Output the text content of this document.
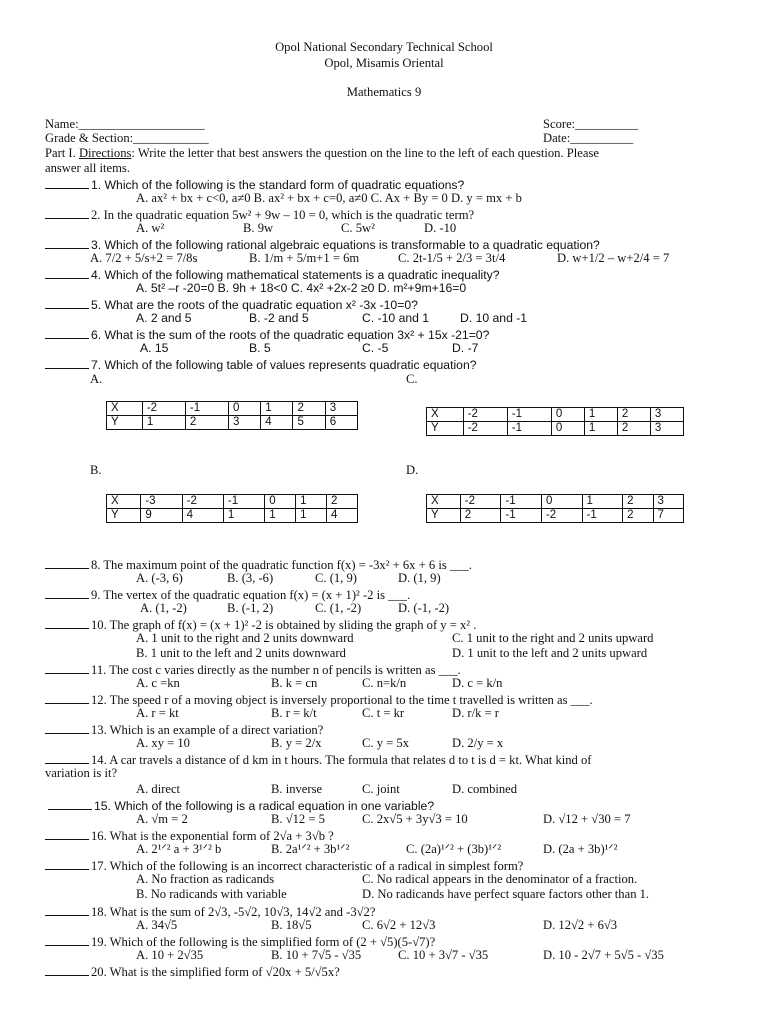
Opol National Secondary Technical School
Opol, Misamis Oriental
Mathematics 9
Name:____________________	Score:__________
Grade & Section:____________	Date:__________
Part I. Directions: Write the letter that best answers the question on the line to the left of each question. Please
answer all items.
1. Which of the following is the standard form of quadratic equations?
A. ax² + bx + c<0, a≠0 B. ax² + bx + c=0, a≠0 C. Ax + By = 0 D. y = mx + b
2. In the quadratic equation 5w² + 9w – 10 = 0, which is the quadratic term?
A. w²	B. 9w	C. 5w²	D. -10
3. Which of the following rational algebraic equations is transformable to a quadratic equation?
A. 7/2 + 5/s+2 = 7/8s	B. 1/m + 5/m+1 = 6m	C. 2t-1/5 + 2/3 = 3t/4	D. w+1/2 – w+2/4 = 7
4. Which of the following mathematical statements is a quadratic inequality?
A. 5t² –r -20=0 B. 9h + 18<0 C. 4x² +2x-2 ≥0 D. m²+9m+16=0
5. What are the roots of the quadratic equation x² -3x -10=0?
A. 2 and 5	B. -2 and 5	C. -10 and 1	D. 10 and -1
6. What is the sum of the roots of the quadratic equation 3x² + 15x -21=0?
A. 15	B. 5	C. -5	D. -7
7. Which of the following table of values represents quadratic equation?
A.	C.
X	-2	-1	0	1	2	3
Y	1	2	3	4	5	6
X	-2	-1	0	1	2	3
Y	-2	-1	0	1	2	3
B.	D.
X	-3	-2	-1	0	1	2
Y	9	4	1	1	1	4
X	-2	-1	0	1	2	3
Y	2	-1	-2	-1	2	7
8. The maximum point of the quadratic function f(x) = -3x² + 6x + 6 is ___.
A. (-3, 6)	B. (3, -6)	C. (1, 9)	D. (1, 9)
9. The vertex of the quadratic equation f(x) = (x + 1)² -2 is ___.
A. (1, -2)	B. (-1, 2)	C. (1, -2)	D. (-1, -2)
10. The graph of f(x) = (x + 1)² -2 is obtained by sliding the graph of y = x² .
A. 1 unit to the right and 2 units downward	C. 1 unit to the right and 2 units upward
B. 1 unit to the left and 2 units downward	D. 1 unit to the left and 2 units upward
11. The cost c varies directly as the number n of pencils is written as ___.
A. c =kn	B. k = cn	C. n=k/n	D. c = k/n
12. The speed r of a moving object is inversely proportional to the time t travelled is written as ___.
A. r = kt	B. r = k/t	C. t = kr	D. r/k = r
13. Which is an example of a direct variation?
A. xy = 10	B. y = 2/x	C. y = 5x	D. 2/y = x
14. A car travels a distance of d km in t hours. The formula that relates d to t is d = kt. What kind of
variation is it?
A. direct	B. inverse	C. joint	D. combined
15. Which of the following is a radical equation in one variable?
A. √m = 2	B. √12 = 5	C. 2x√5 + 3y√3 = 10	D. √12 + √30 = 7
16. What is the exponential form of 2√a + 3√b ?
A. 2¹ᐟ² a + 3¹ᐟ² b	B. 2a¹ᐟ² + 3b¹ᐟ²	C. (2a)¹ᐟ² + (3b)¹ᐟ²	D. (2a + 3b)¹ᐟ²
17. Which of the following is an incorrect characteristic of a radical in simplest form?
A. No fraction as radicands	C. No radical appears in the denominator of a fraction.
B. No radicands with variable	D. No radicands have perfect square factors other than 1.
18. What is the sum of 2√3, -5√2, 10√3, 14√2 and -3√2?
A. 34√5	B. 18√5	C. 6√2 + 12√3	D. 12√2 + 6√3
19. Which of the following is the simplified form of (2 + √5)(5-√7)?
A. 10 + 2√35	B. 10 + 7√5 - √35	C. 10 + 3√7 - √35	D. 10 - 2√7 + 5√5 - √35
20. What is the simplified form of √20x + 5/√5x?
